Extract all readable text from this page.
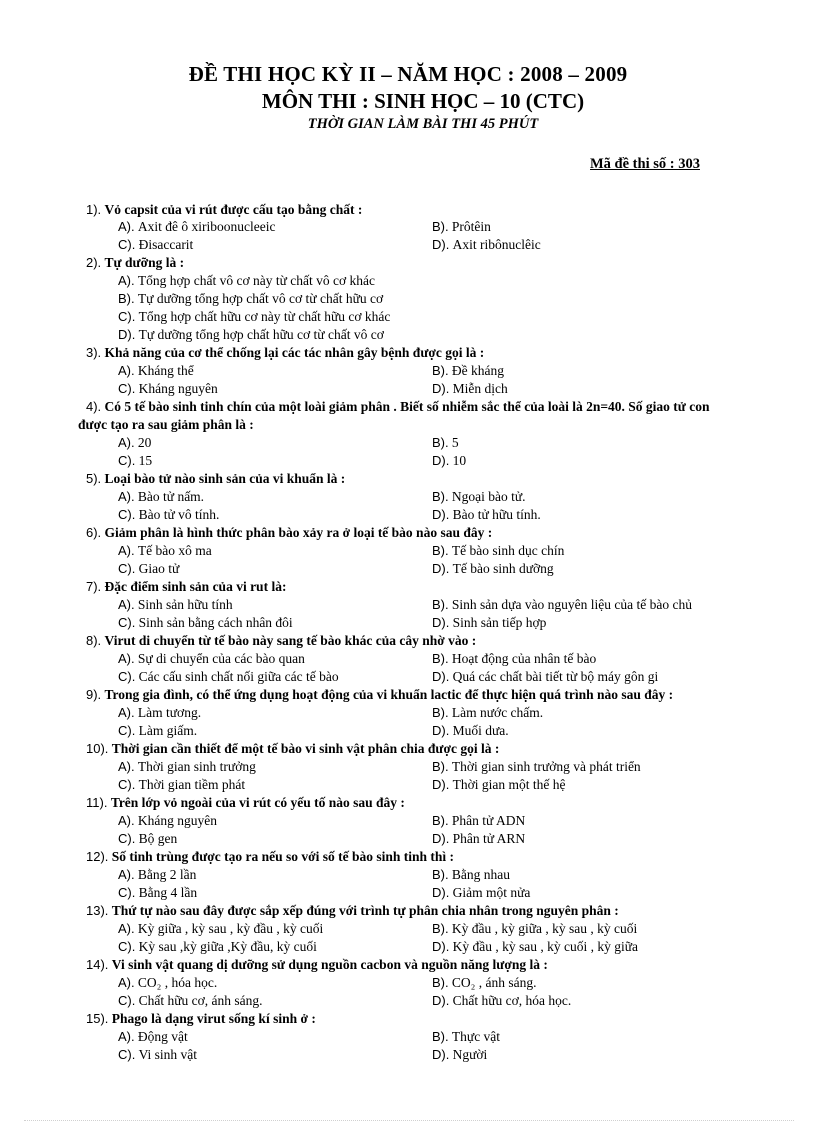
ĐỀ THI HỌC KỲ II – NĂM HỌC : 2008 – 2009
MÔN THI : SINH HỌC – 10 (CTC)
THỜI GIAN LÀM BÀI THI 45 PHÚT
Mã đề thi số : 303
1). Vỏ capsit của vi rút được cấu tạo bằng chất :
A). Axit đê ô xiriboonucleeic	B). Prôtêin
C). Đisaccarit	D). Axit ribônuclêic
2). Tự dưỡng là :
A). Tổng hợp chất vô cơ này từ chất vô cơ khác
B). Tự dưỡng tổng hợp chất vô cơ từ chất hữu cơ
C). Tổng hợp chất hữu cơ này từ chất hữu cơ khác
D). Tự dưỡng tổng hợp chất hữu cơ từ chất vô cơ
3). Khả năng của cơ thể chống lại các tác nhân gây bệnh được gọi là :
A). Kháng thể	B). Đề kháng
C). Kháng nguyên	D). Miễn dịch
4). Có 5 tế bào sinh tinh chín của một loài giảm phân . Biết số nhiễm sắc thể của loài là 2n=40. Số giao tử con được tạo ra sau giảm phân là :
A). 20	B). 5
C). 15	D). 10
5). Loại bào tử nào sinh sản của vi khuẩn là :
A). Bào tử nấm.	B). Ngoại bào tử.
C). Bào tử vô tính.	D). Bào tử hữu tính.
6). Giảm phân là hình thức phân bào xảy ra ở loại tế bào nào sau đây :
A). Tế bào xô ma	B). Tế bào sinh dục chín
C). Giao tử	D). Tế bào sinh dưỡng
7). Đặc điểm sinh sản của vi rut là:
A). Sinh sản hữu tính	B). Sinh sản dựa vào nguyên liệu của tế bào chủ
C). Sinh sản bằng cách nhân đôi	D). Sinh sản tiếp hợp
8). Virut di chuyển từ tế bào này sang tế bào khác của cây nhờ vào :
A). Sự di chuyển của các bào quan	B). Hoạt động của nhân tế bào
C). Các cấu sinh chất nối giữa các tế bào	D). Quá các chất bài tiết từ bộ máy gôn gi
9). Trong gia đình, có thể ứng dụng hoạt động của vi khuẩn lactic để thực hiện quá trình nào sau đây :
A). Làm tương.	B). Làm nước chấm.
C). Làm giấm.	D). Muối dưa.
10). Thời gian cần thiết để một tế bào vi sinh vật phân chia được gọi là :
A). Thời gian sinh trưởng	B). Thời gian sinh trưởng và phát triển
C). Thời gian tiềm phát	D). Thời gian một thế hệ
11). Trên lớp vỏ ngoài của vi rút có yếu tố nào sau đây :
A). Kháng nguyên	B). Phân tử ADN
C). Bộ gen	D). Phân tử ARN
12). Số tinh trùng được tạo ra nếu so với số tế bào sinh tinh thì :
A). Bằng 2 lần	B). Bằng nhau
C). Bằng 4 lần	D). Giảm một nửa
13). Thứ tự nào sau đây được sắp xếp đúng với trình tự phân chia nhân trong nguyên phân :
A). Kỳ giữa , kỳ sau , kỳ đầu , kỳ cuối	B). Kỳ đầu , kỳ giữa , kỳ sau , kỳ cuối
C). Kỳ sau ,kỳ giữa ,Kỳ đầu, kỳ cuối	D). Kỳ đầu , kỳ sau , kỳ cuối , kỳ giữa
14). Vi sinh vật quang dị dưỡng sử dụng nguồn cacbon và nguồn năng lượng là :
A). CO₂ , hóa học.	B). CO₂ , ánh sáng.
C). Chất hữu cơ, ánh sáng.	D). Chất hữu cơ, hóa học.
15). Phago là dạng virut sống kí sinh ở :
A). Động vật	B). Thực vật
C). Vi sinh vật	D). Người
